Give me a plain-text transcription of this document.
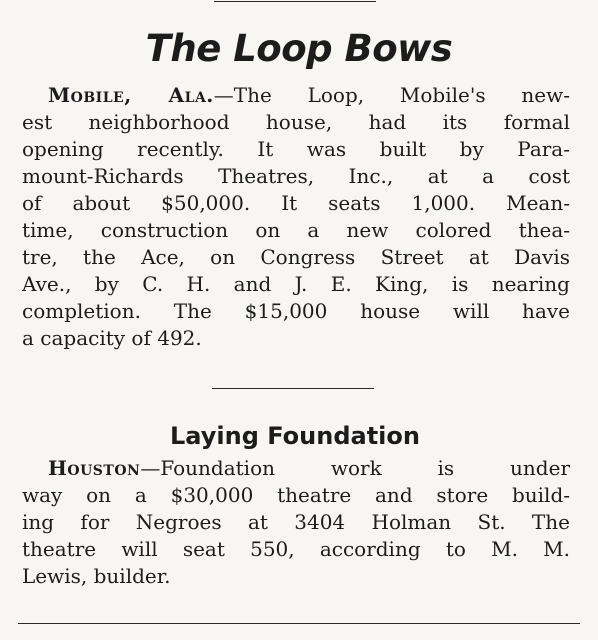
The Loop Bows
Mobile, Ala.—The Loop, Mobile's new-
est neighborhood house, had its formal
opening recently. It was built by Para-
mount-Richards Theatres, Inc., at a cost
of about $50,000. It seats 1,000. Mean-
time, construction on a new colored thea-
tre, the Ace, on Congress Street at Davis
Ave., by C. H. and J. E. King, is nearing
completion. The $15,000 house will have
a capacity of 492.
Laying Foundation
Houston—Foundation work is under
way on a $30,000 theatre and store build-
ing for Negroes at 3404 Holman St. The
theatre will seat 550, according to M. M.
Lewis, builder.
